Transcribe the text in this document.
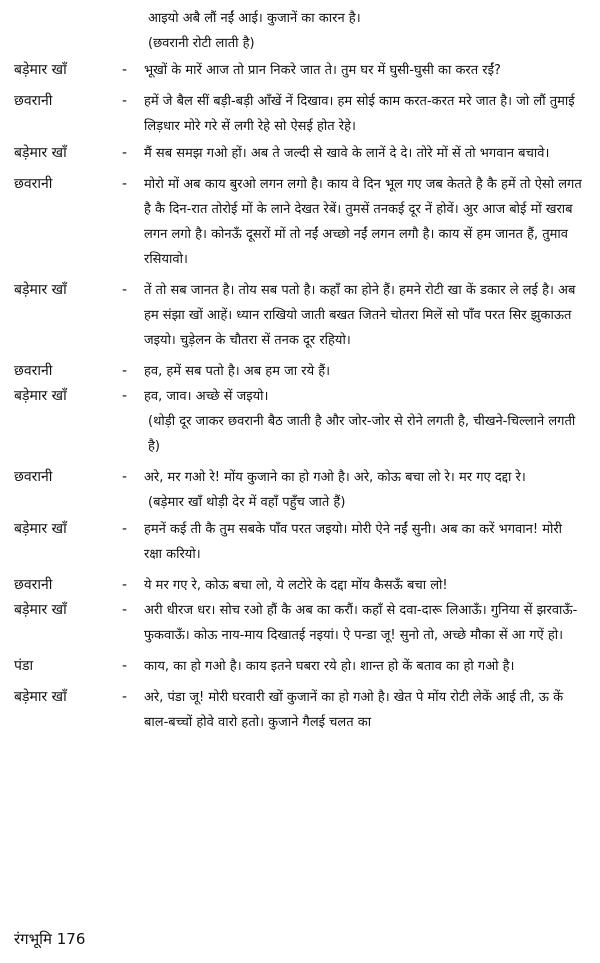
आइयो अबै लौं नईं आई। कुजानें का कारन है।
(छवरानी रोटी लाती है)
बड़ेमार खाँ	-	भूखों के मारें आज तो प्रान निकरे जात ते। तुम घर में घुसी-घुसी का करत रईं?
छवरानी	-	हमें जे बैल सीं बड़ी-बड़ी आँखें नें दिखाव। हम सोई काम करत-करत मरे जात है। जो लौं तुमाई लिड़धार मोरे गरे सें लगी रेहे सो ऐसई होत रेहे।
बड़ेमार खाँ	-	मैं सब समझ गओ हों। अब ते जल्दी से खावे के लानें दे दे। तोरे मों सें तो भगवान बचावे।
छवरानी	-	मोरो मों अब काय बुरओ लगन लगो है। काय वे दिन भूल गए जब केतते है कै हमें तो ऐसो लगत है कै दिन-रात तोरोई मों के लाने देखत रेबें। तुमसें तनकई दूर नें होवें। अुर आज बोई मों खराब लगन लगो है। कोनऊँ दूसरों मों तो नईं अच्छो नईं लगन लगौ है। काय सें हम जानत हैं, तुमाव रसियावो।
बड़ेमार खाँ	-	तें तो सब जानत है। तोय सब पतो है। कहाँ का होने हैं। हमने रोटी खा कें डकार ले लई है। अब हम संझा खों आहें। ध्यान राखियो जाती बखत जितने चोतरा मिलें सो पाँव परत सिर झुकाऊत जइयो। चुड़ेलन के चौतरा सें तनक दूर रहियो।
छवरानी	-	हव, हमें सब पतो है। अब हम जा रये हैं।
बड़ेमार खाँ	-	हव, जाव। अच्छे सें जइयो।
(थोड़ी दूर जाकर छवरानी बैठ जाती है और जोर-जोर से रोने लगती है, चीखने-चिल्लाने लगती है)
छवरानी	-	अरे, मर गओ रे! मोंय कुजाने का हो गओ है। अरे, कोऊ बचा लो रे। मर गए दद्दा रे।
(बड़ेमार खाँ थोड़ी देर में वहाँ पहुँच जाते हैं)
बड़ेमार खाँ	-	हमनें कई ती कै तुम सबके पाँव परत जइयो। मोरी ऐने नईं सुनी। अब का करें भगवान! मोरी रक्षा करियो।
छवरानी	-	ये मर गए रे, कोऊ बचा लो, ये लटोरे के दद्दा मोंय कैसऊँ बचा लो!
बड़ेमार खाँ	-	अरी धीरज धर। सोच रओ हौं कै अब का करौं। कहाँ से दवा-दारू लिआऊँ। गुनिया सें झरवाऊँ-फुकवाऊँ। कोऊ नाय-माय दिखातई नइयां। ऐ पन्डा जू! सुनो तो, अच्छे मौका सें आ गऐं हो।
पंडा	-	काय, का हो गओ है। काय इतने घबरा रये हो। शान्त हो कें बताव का हो गओ है।
बड़ेमार खाँ	-	अरे, पंडा जू! मोरी घरवारी खों कुजानें का हो गओ है। खेत पे मोंय रोटी लेकें आई ती, ऊ कें बाल-बच्चों होवे वारो हतो। कुजाने गैलई चलत का
रंगभूमि 176
